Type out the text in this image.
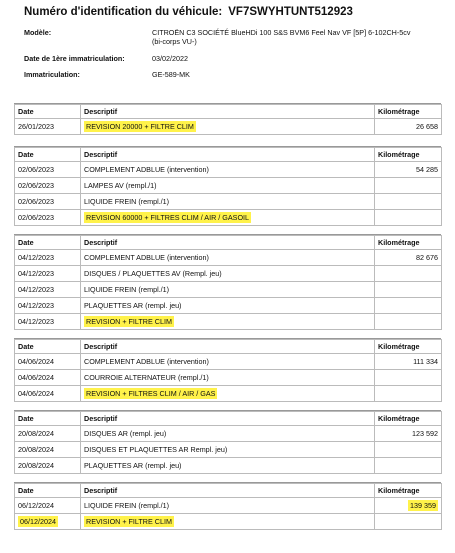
Numéro d'identification du véhicule: VF7SWYHTUNT512923
Modèle:	CITROËN C3 SOCIÉTÉ BlueHDi 100 S&S BVM6 Feel Nav VF [5P] 6-102CH-5cv (bi-corps VU-)
Date de 1ère immatriculation:	03/02/2022
Immatriculation:	GE-589-MK
Date	Descriptif	Kilométrage
26/01/2023	REVISION 20000 + FILTRE CLIM	26 658
Date	Descriptif	Kilométrage
02/06/2023	COMPLEMENT ADBLUE (intervention)	54 285
02/06/2023	LAMPES AV (rempl./1)	
02/06/2023	LIQUIDE FREIN (rempl./1)	
02/06/2023	REVISION 60000 + FILTRES CLIM / AIR / GASOIL	
Date	Descriptif	Kilométrage
04/12/2023	COMPLEMENT ADBLUE (intervention)	82 676
04/12/2023	DISQUES / PLAQUETTES AV (Rempl. jeu)	
04/12/2023	LIQUIDE FREIN (rempl./1)	
04/12/2023	PLAQUETTES AR (rempl. jeu)	
04/12/2023	REVISION + FILTRE CLIM	
Date	Descriptif	Kilométrage
04/06/2024	COMPLEMENT ADBLUE (intervention)	111 334
04/06/2024	COURROIE ALTERNATEUR (rempl./1)	
04/06/2024	REVISION + FILTRES CLIM / AIR / GAS	
Date	Descriptif	Kilométrage
20/08/2024	DISQUES AR (rempl. jeu)	123 592
20/08/2024	DISQUES ET PLAQUETTES AR Rempl. jeu)	
20/08/2024	PLAQUETTES AR (rempl. jeu)	
Date	Descriptif	Kilométrage
06/12/2024	LIQUIDE FREIN (rempl./1)	139 359
06/12/2024	REVISION + FILTRE CLIM	
